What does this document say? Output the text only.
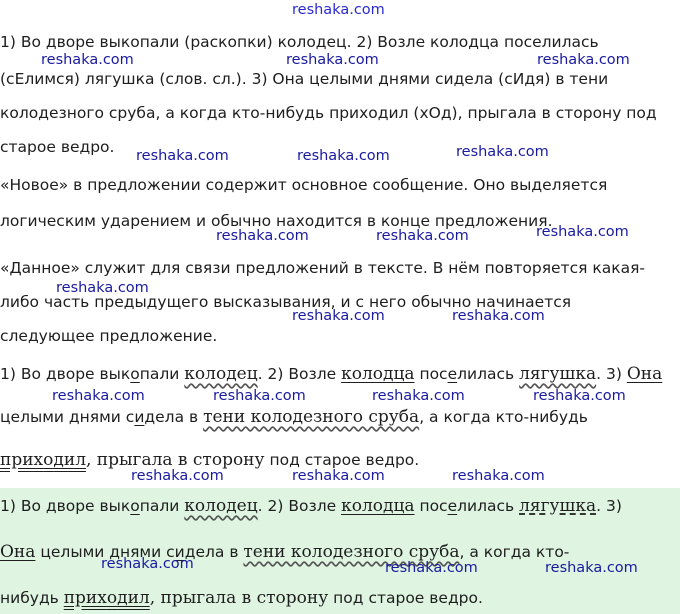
1) Во дворе выкопали (раскопки) колодец. 2) Возле колодца поселилась
(сЕлимся) лягушка (слов. сл.). 3) Она целыми днями сидела (сИдя) в тени
колодезного сруба, а когда кто-нибудь приходил (хОд), прыгала в сторону под
старое ведро.
«Новое» в предложении содержит основное сообщение. Оно выделяется
логическим ударением и обычно находится в конце предложения.
«Данное» служит для связи предложений в тексте. В нём повторяется какая-
либо часть предыдущего высказывания, и с него обычно начинается
следующее предложение.
1) Во дворе выкопали колодец. 2) Возле колодца поселилась лягушка. 3) Она
целыми днями сидела в тени колодезного сруба, а когда кто-нибудь
приходил, прыгала в сторону под старое ведро.
1) Во дворе выкопали колодец. 2) Возле колодца поселилась лягушка. 3)
Она целыми днями сидела в тени колодезного сруба, а когда кто-
нибудь приходил, прыгала в сторону под старое ведро.
reshaka.com
reshaka.com	reshaka.com	reshaka.com
reshaka.com	reshaka.com	reshaka.com
reshaka.com	reshaka.com	reshaka.com
reshaka.com
reshaka.com	reshaka.com
reshaka.com	reshaka.com	reshaka.com	reshaka.com
reshaka.com	reshaka.com	reshaka.com
reshaka.com	reshaka.com	reshaka.com
